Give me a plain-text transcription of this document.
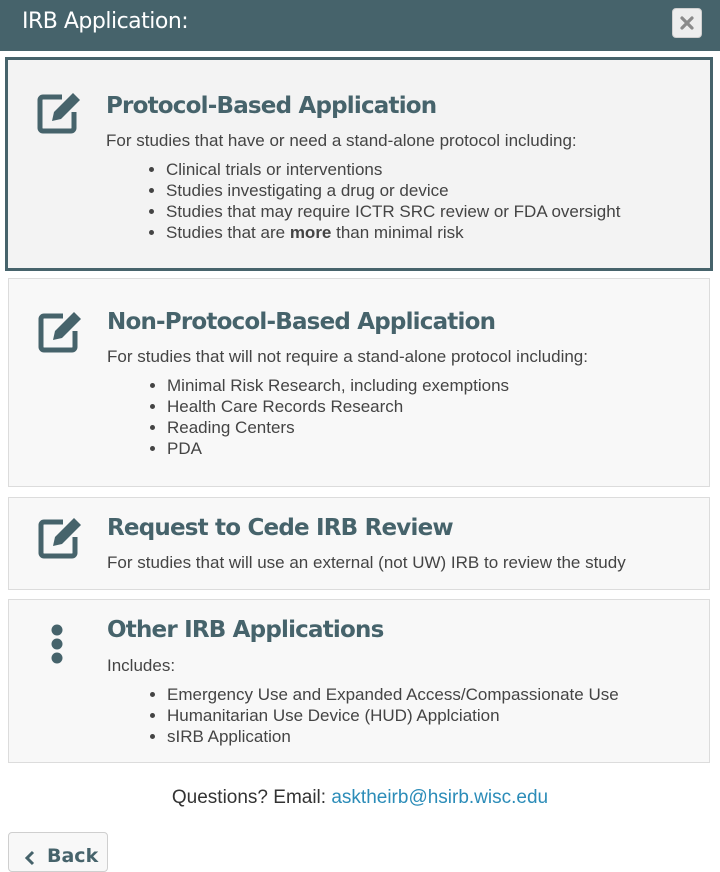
IRB Application:
Protocol-Based Application
For studies that have or need a stand-alone protocol including:
• Clinical trials or interventions
• Studies investigating a drug or device
• Studies that may require ICTR SRC review or FDA oversight
• Studies that are more than minimal risk
Non-Protocol-Based Application
For studies that will not require a stand-alone protocol including:
• Minimal Risk Research, including exemptions
• Health Care Records Research
• Reading Centers
• PDA
Request to Cede IRB Review
For studies that will use an external (not UW) IRB to review the study
Other IRB Applications
Includes:
• Emergency Use and Expanded Access/Compassionate Use
• Humanitarian Use Device (HUD) Applciation
• sIRB Application
Questions? Email: asktheirb@hsirb.wisc.edu
Back
